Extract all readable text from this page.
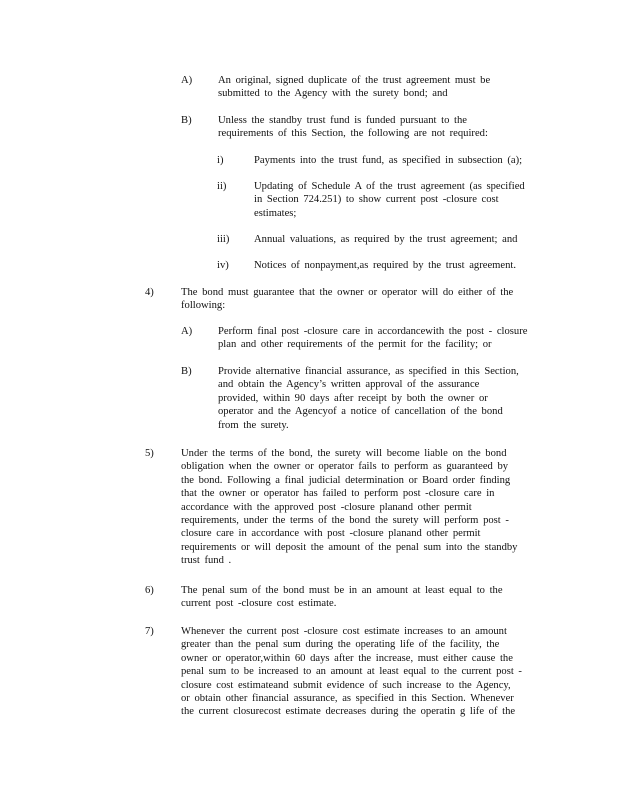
A) An original, signed duplicate of the trust agreement must be
submitted to the Agency with the surety bond; and
B) Unless the standby trust fund is funded pursuant to the
requirements of this Section, the following are not required:
i)	Payments into the trust fund, as specified in subsection (a);
ii)	Updating of Schedule A of the trust agreement (as specified
in Section 724.251) to show current post -closure cost
estimates;
iii) Annual valuations, as required by the trust agreement; and
iv) Notices of nonpayment,as required by the trust agreement.
4)	The bond must guarantee that the owner or operator will do either of the
following:
A) Perform final post -closure care in accordancewith the post - closure
plan and other requirements of the permit for the facility; or
B) Provide alternative financial assurance, as specified in this Section,
and obtain the Agency’s written approval of the assurance
provided, within 90 days after receipt by both the owner or
operator and the Agencyof a notice of cancellation of the bond
from the surety.
5)	Under the terms of the bond, the surety will become liable on the bond
obligation when the owner or operator fails to perform as guaranteed by
the bond. Following a final judicial determination or Board order finding
that the owner or operator has failed to perform post -closure care in
accordance with the approved post -closure planand other permit
requirements, under the terms of the bond the surety will perform post -
closure care in accordance with post -closure planand other permit
requirements or will deposit the amount of the penal sum into the standby
trust fund .
6)	The penal sum of the bond must be in an amount at least equal to the
current post -closure cost estimate.
7)	Whenever the current post -closure cost estimate increases to an amount
greater than the penal sum during the operating life of the facility, the
owner or operator,within 60 days after the increase, must either cause the
penal sum to be increased to an amount at least equal to the current post -
closure cost estimateand submit evidence of such increase to the Agency,
or obtain other financial assurance, as specified in this Section. Whenever
the current closurecost estimate decreases during the operatin g life of the
